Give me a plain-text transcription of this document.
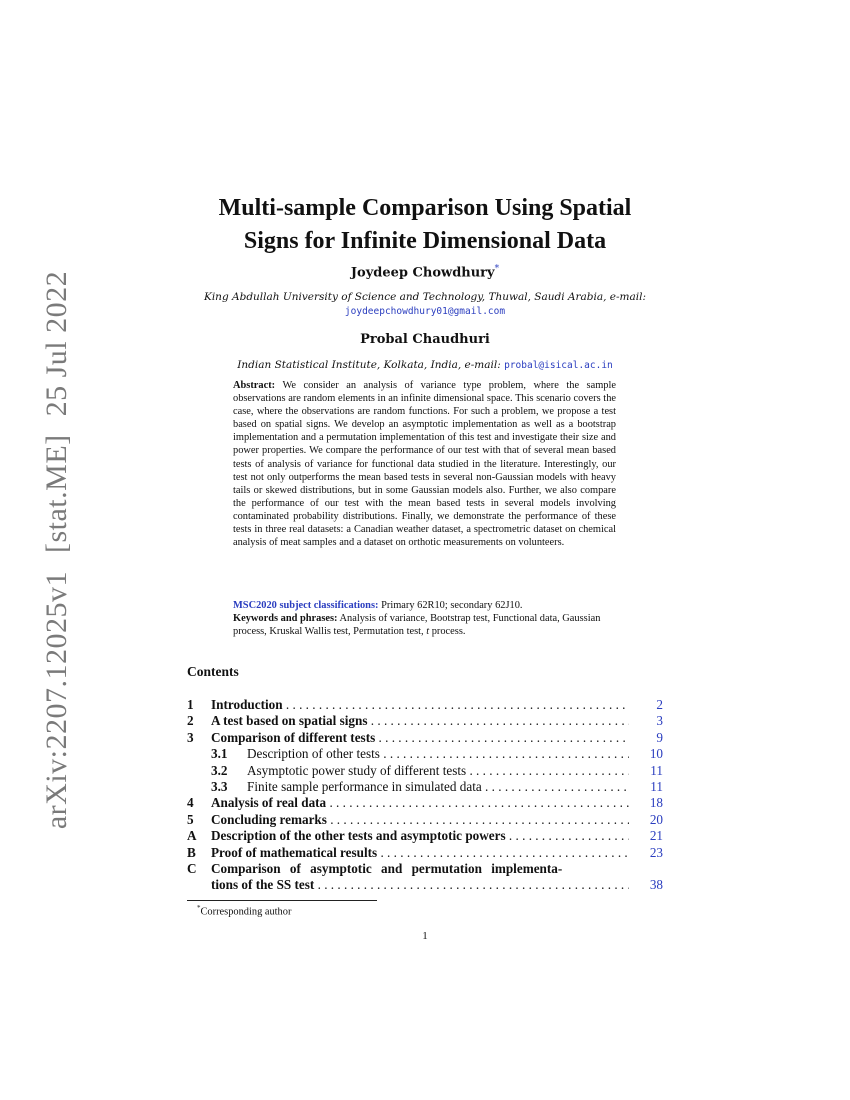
arXiv:2207.12025v1[stat.ME]25 Jul 2022
Multi-sample Comparison Using Spatial
Signs for Infinite Dimensional Data
Joydeep Chowdhury*
King Abdullah University of Science and Technology, Thuwal, Saudi Arabia, e-mail:
joydeepchowdhury01@gmail.com
Probal Chaudhuri
Indian Statistical Institute, Kolkata, India, e-mail: probal@isical.ac.in
Abstract: We consider an analysis of variance type problem, where the sample observations are random elements in an infinite dimensional space. This scenario covers the case, where the observations are random functions. For such a problem, we propose a test based on spatial signs. We develop an asymptotic implementation as well as a bootstrap implementation and a permutation implementation of this test and investigate their size and power properties. We compare the performance of our test with that of several mean based tests of analysis of variance for functional data studied in the literature. Interestingly, our test not only outperforms the mean based tests in several non-Gaussian models with heavy tails or skewed distributions, but in some Gaussian models also. Further, we also compare the performance of our test with the mean based tests in several models involving contaminated probability distributions. Finally, we demonstrate the performance of these tests in three real datasets: a Canadian weather dataset, a spectrometric dataset on chemical analysis of meat samples and a dataset on orthotic measurements on volunteers.
MSC2020 subject classifications: Primary 62R10; secondary 62J10.
Keywords and phrases: Analysis of variance, Bootstrap test, Functional data, Gaussian process, Kruskal Wallis test, Permutation test, t process.
Contents
1 Introduction . . .	2
2 A test based on spatial signs . . .	3
3 Comparison of different tests . . .	9
3.1 Description of other tests . . .	10
3.2 Asymptotic power study of different tests . . .	11
3.3 Finite sample performance in simulated data . . .	11
4 Analysis of real data . . .	18
5 Concluding remarks . . .	20
A Description of the other tests and asymptotic powers . . .	21
B Proof of mathematical results . . .	23
C Comparison of asymptotic and permutation implementa-
tions of the SS test . . .	38
*Corresponding author
1
